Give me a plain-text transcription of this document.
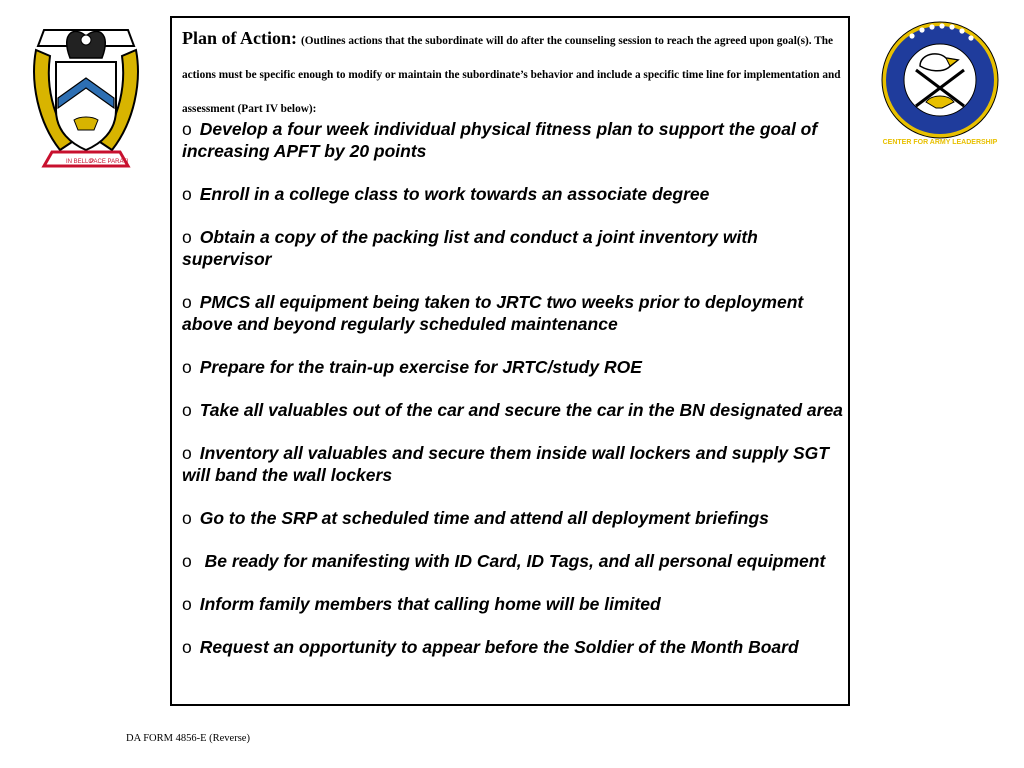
IN BELLO
PACE PARATI
Plan of Action: (Outlines actions that the subordinate will do after the counseling session to reach the agreed upon goal(s). The actions must be specific enough to modify or maintain the subordinate’s behavior and include a specific time line for implementation and assessment (Part IV below):
o Develop a four week individual physical fitness plan to support the goal of increasing APFT by 20 points
o Enroll in a college class to work towards an associate degree
o Obtain a copy of the packing list and conduct a joint inventory with supervisor
o PMCS all equipment being taken to JRTC two weeks prior to deployment above and beyond regularly scheduled maintenance
o Prepare for the train-up exercise for JRTC/study ROE
o Take all valuables out of the car and secure the car in the BN designated area
o Inventory all valuables and secure them inside wall lockers and supply SGT will band the wall lockers
o Go to the SRP at scheduled time and attend all deployment briefings
o Be ready for manifesting with ID Card, ID Tags, and all personal equipment
o Inform family members that calling home will be limited
o Request an opportunity to appear before the Soldier of the Month Board
CENTER FOR ARMY LEADERSHIP
DA FORM 4856-E (Reverse)
